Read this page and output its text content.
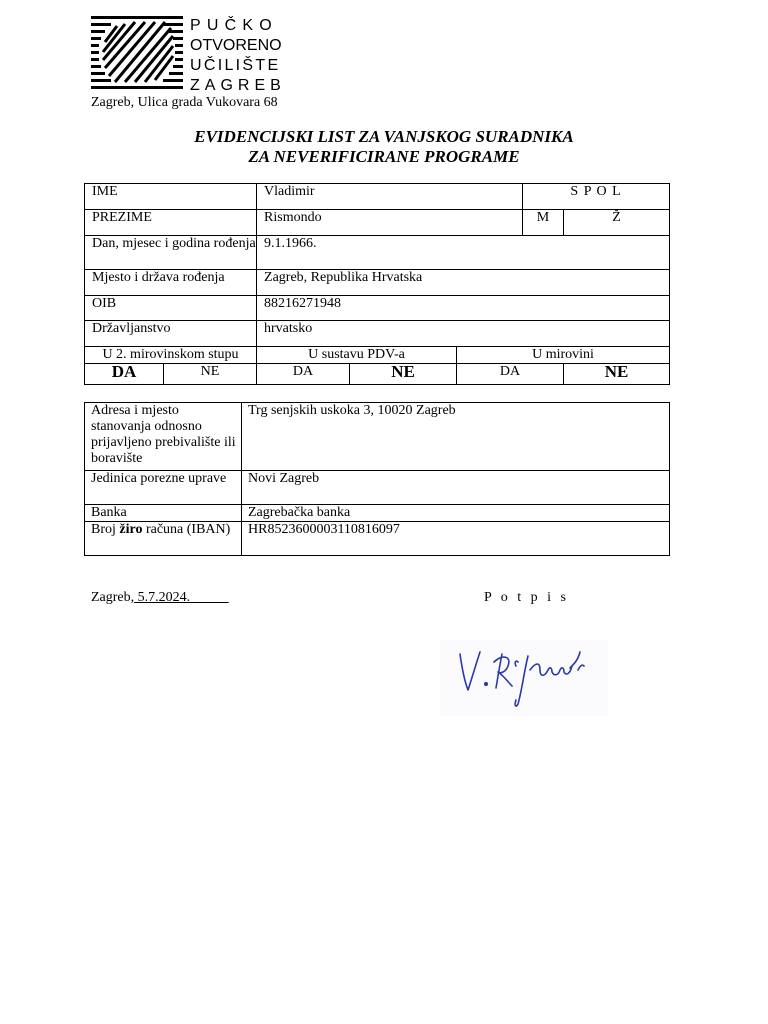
PUČKO
OTVORENO
UČILIŠTE
ZAGREB
Zagreb, Ulica grada Vukovara 68
EVIDENCIJSKI LIST ZA VANJSKOG SURADNIKA
ZA NEVERIFICIRANE PROGRAME
IME		Vladimir			S P O L	
PREZIME		Rismondo			M	Ž
Dan, mjesec i godina rođenja		9.1.1966.				
Mjesto i država rođenja		Zagreb, Republika Hrvatska				
OIB		88216271948				
Državljanstvo		hrvatsko				
U 2. mirovinskom stupu		U sustavu PDV-a		U mirovini		
DA	NE	DA	NE	DA		NE
Adresa i mjesto stanovanja odnosno prijavljeno prebivalište ili boravište	Trg senjskih uskoka 3, 10020 Zagreb
Jedinica porezne uprave	Novi Zagreb
Banka	Zagrebačka banka
Broj žiro računa (IBAN)	HR8523600003110816097
Zagreb, 5.7.2024.	P o t p i s
